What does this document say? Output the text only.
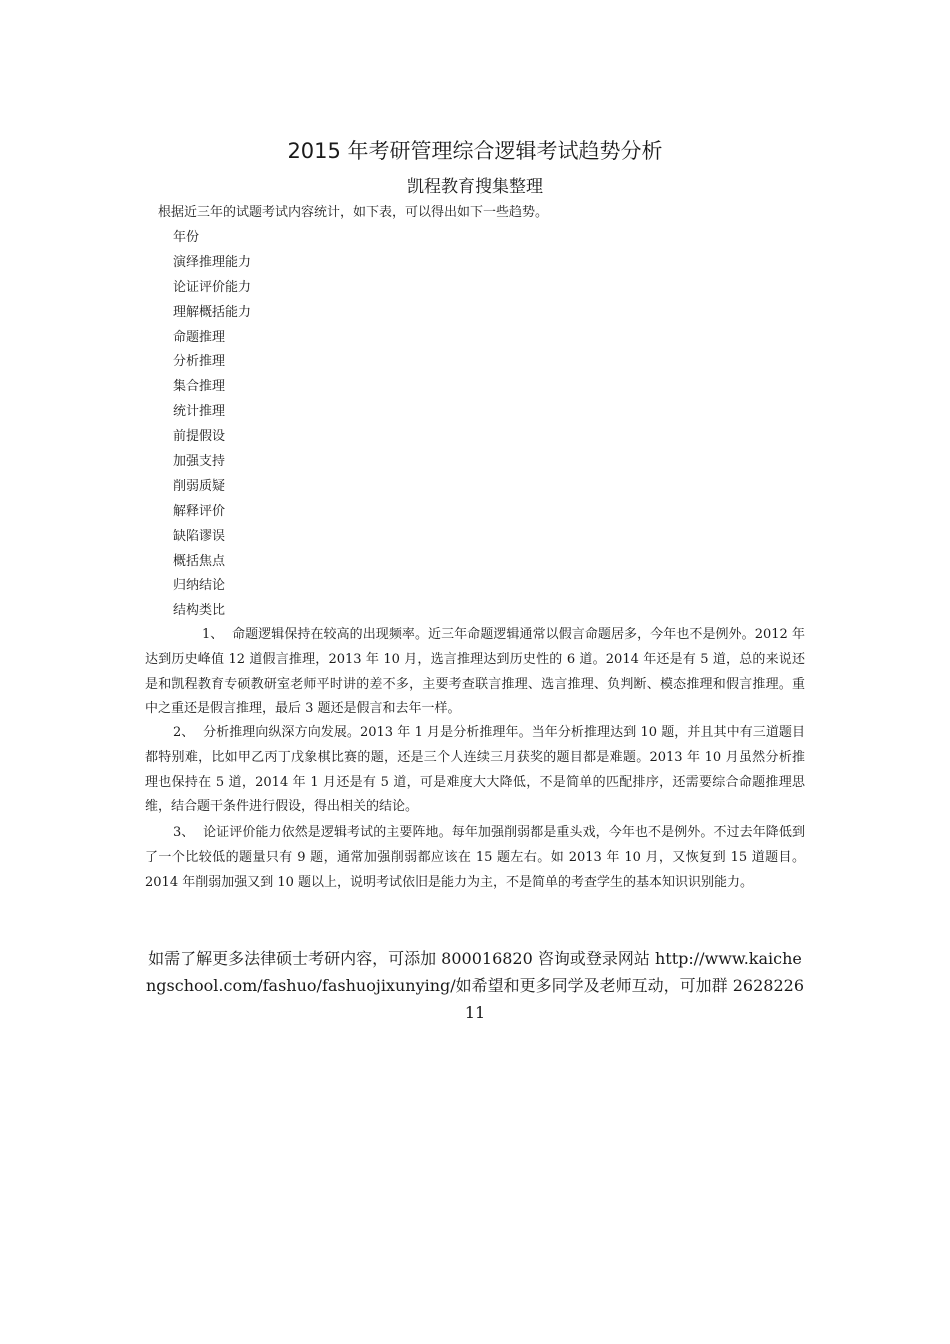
2015 年考研管理综合逻辑考试趋势分析
凯程教育搜集整理
根据近三年的试题考试内容统计，如下表，可以得出如下一些趋势。
年份
演绎推理能力
论证评价能力
理解概括能力
命题推理
分析推理
集合推理
统计推理
前提假设
加强支持
削弱质疑
解释评价
缺陷谬误
概括焦点
归纳结论
结构类比
1、 命题逻辑保持在较高的出现频率。近三年命题逻辑通常以假言命题居多，今年也不是例外。2012 年达到历史峰值 12 道假言推理，2013 年 10 月，选言推理达到历史性的 6 道。2014 年还是有 5 道，总的来说还是和凯程教育专硕教研室老师平时讲的差不多，主要考查联言推理、选言推理、负判断、模态推理和假言推理。重中之重还是假言推理，最后 3 题还是假言和去年一样。
2、 分析推理向纵深方向发展。2013 年 1 月是分析推理年。当年分析推理达到 10 题，并且其中有三道题目都特别难，比如甲乙丙丁戊象棋比赛的题，还是三个人连续三月获奖的题目都是难题。2013 年 10 月虽然分析推理也保持在 5 道，2014 年 1 月还是有 5 道，可是难度大大降低，不是简单的匹配排序，还需要综合命题推理思维，结合题干条件进行假设，得出相关的结论。
3、 论证评价能力依然是逻辑考试的主要阵地。每年加强削弱都是重头戏，今年也不是例外。不过去年降低到了一个比较低的题量只有 9 题，通常加强削弱都应该在 15 题左右。如 2013 年 10 月，又恢复到 15 道题目。2014 年削弱加强又到 10 题以上，说明考试依旧是能力为主，不是简单的考查学生的基本知识识别能力。
如需了解更多法律硕士考研内容，可添加 800016820 咨询或登录网站 http://www.kaichengschool.com/fashuo/fashuojixunying/如希望和更多同学及老师互动，可加群 262822611
